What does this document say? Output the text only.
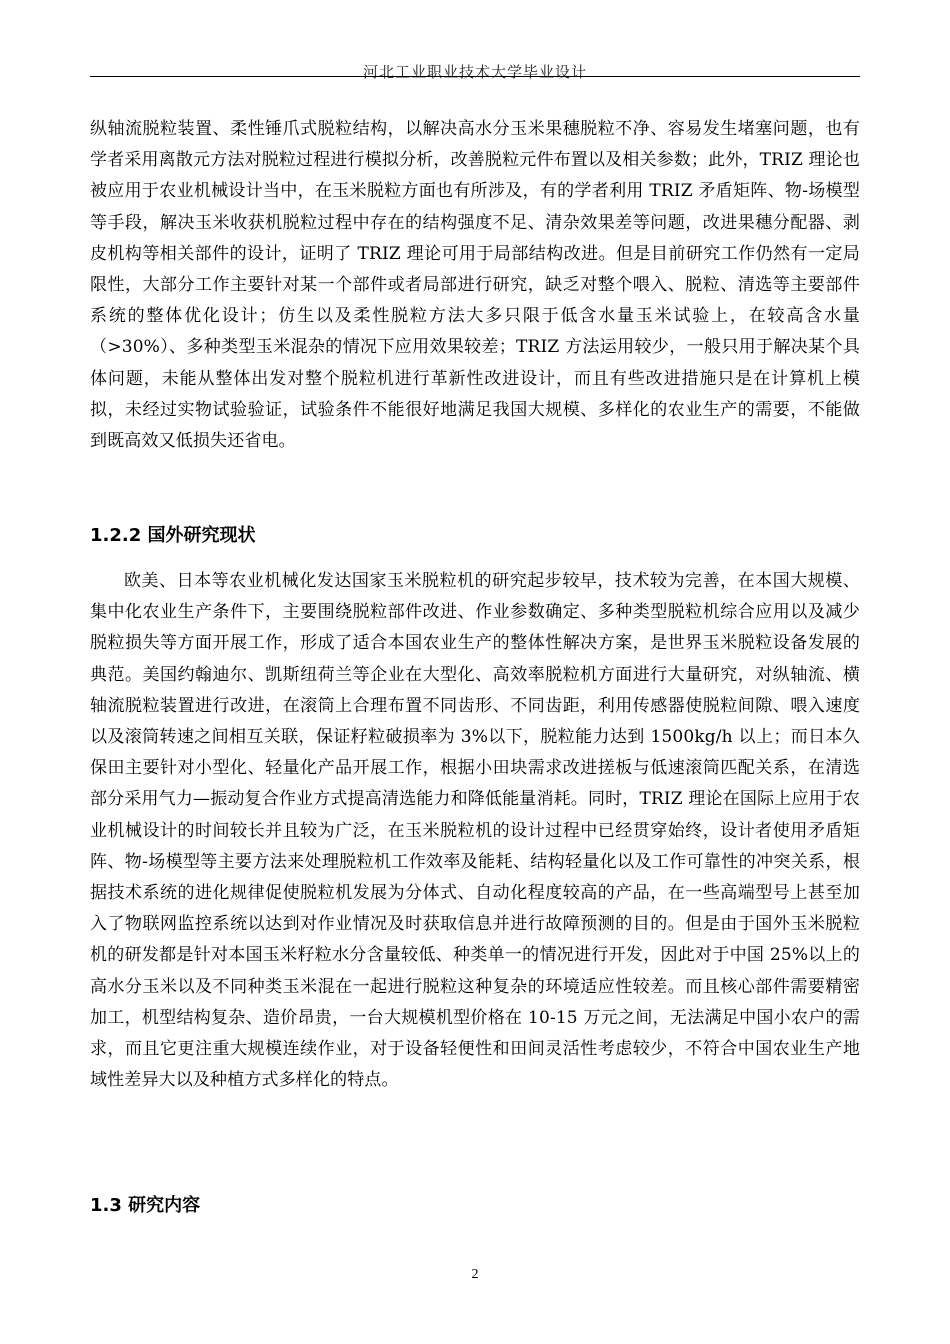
河北工业职业技术大学毕业设计

纵轴流脱粒装置、柔性锤爪式脱粒结构，以解决高水分玉米果穗脱粒不净、容易发生堵塞问题，也有学者采用离散元方法对脱粒过程进行模拟分析，改善脱粒元件布置以及相关参数；此外，TRIZ 理论也被应用于农业机械设计当中，在玉米脱粒方面也有所涉及，有的学者利用 TRIZ 矛盾矩阵、物-场模型等手段，解决玉米收获机脱粒过程中存在的结构强度不足、清杂效果差等问题，改进果穗分配器、剥皮机构等相关部件的设计，证明了 TRIZ 理论可用于局部结构改进。但是目前研究工作仍然有一定局限性，大部分工作主要针对某一个部件或者局部进行研究，缺乏对整个喂入、脱粒、清选等主要部件系统的整体优化设计；仿生以及柔性脱粒方法大多只限于低含水量玉米试验上，在较高含水量（>30%）、多种类型玉米混杂的情况下应用效果较差；TRIZ 方法运用较少，一般只用于解决某个具体问题，未能从整体出发对整个脱粒机进行革新性改进设计，而且有些改进措施只是在计算机上模拟，未经过实物试验验证，试验条件不能很好地满足我国大规模、多样化的农业生产的需要，不能做到既高效又低损失还省电。

1.2.2 国外研究现状

欧美、日本等农业机械化发达国家玉米脱粒机的研究起步较早，技术较为完善，在本国大规模、集中化农业生产条件下，主要围绕脱粒部件改进、作业参数确定、多种类型脱粒机综合应用以及减少脱粒损失等方面开展工作，形成了适合本国农业生产的整体性解决方案，是世界玉米脱粒设备发展的典范。美国约翰迪尔、凯斯纽荷兰等企业在大型化、高效率脱粒机方面进行大量研究，对纵轴流、横轴流脱粒装置进行改进，在滚筒上合理布置不同齿形、不同齿距，利用传感器使脱粒间隙、喂入速度以及滚筒转速之间相互关联，保证籽粒破损率为 3%以下，脱粒能力达到 1500kg/h 以上；而日本久保田主要针对小型化、轻量化产品开展工作，根据小田块需求改进搓板与低速滚筒匹配关系，在清选部分采用气力—振动复合作业方式提高清选能力和降低能量消耗。同时，TRIZ 理论在国际上应用于农业机械设计的时间较长并且较为广泛，在玉米脱粒机的设计过程中已经贯穿始终，设计者使用矛盾矩阵、物-场模型等主要方法来处理脱粒机工作效率及能耗、结构轻量化以及工作可靠性的冲突关系，根据技术系统的进化规律促使脱粒机发展为分体式、自动化程度较高的产品，在一些高端型号上甚至加入了物联网监控系统以达到对作业情况及时获取信息并进行故障预测的目的。但是由于国外玉米脱粒机的研发都是针对本国玉米籽粒水分含量较低、种类单一的情况进行开发，因此对于中国 25%以上的高水分玉米以及不同种类玉米混在一起进行脱粒这种复杂的环境适应性较差。而且核心部件需要精密加工，机型结构复杂、造价昂贵，一台大规模机型价格在 10-15 万元之间，无法满足中国小农户的需求，而且它更注重大规模连续作业，对于设备轻便性和田间灵活性考虑较少，不符合中国农业生产地域性差异大以及种植方式多样化的特点。

1.3 研究内容
2
